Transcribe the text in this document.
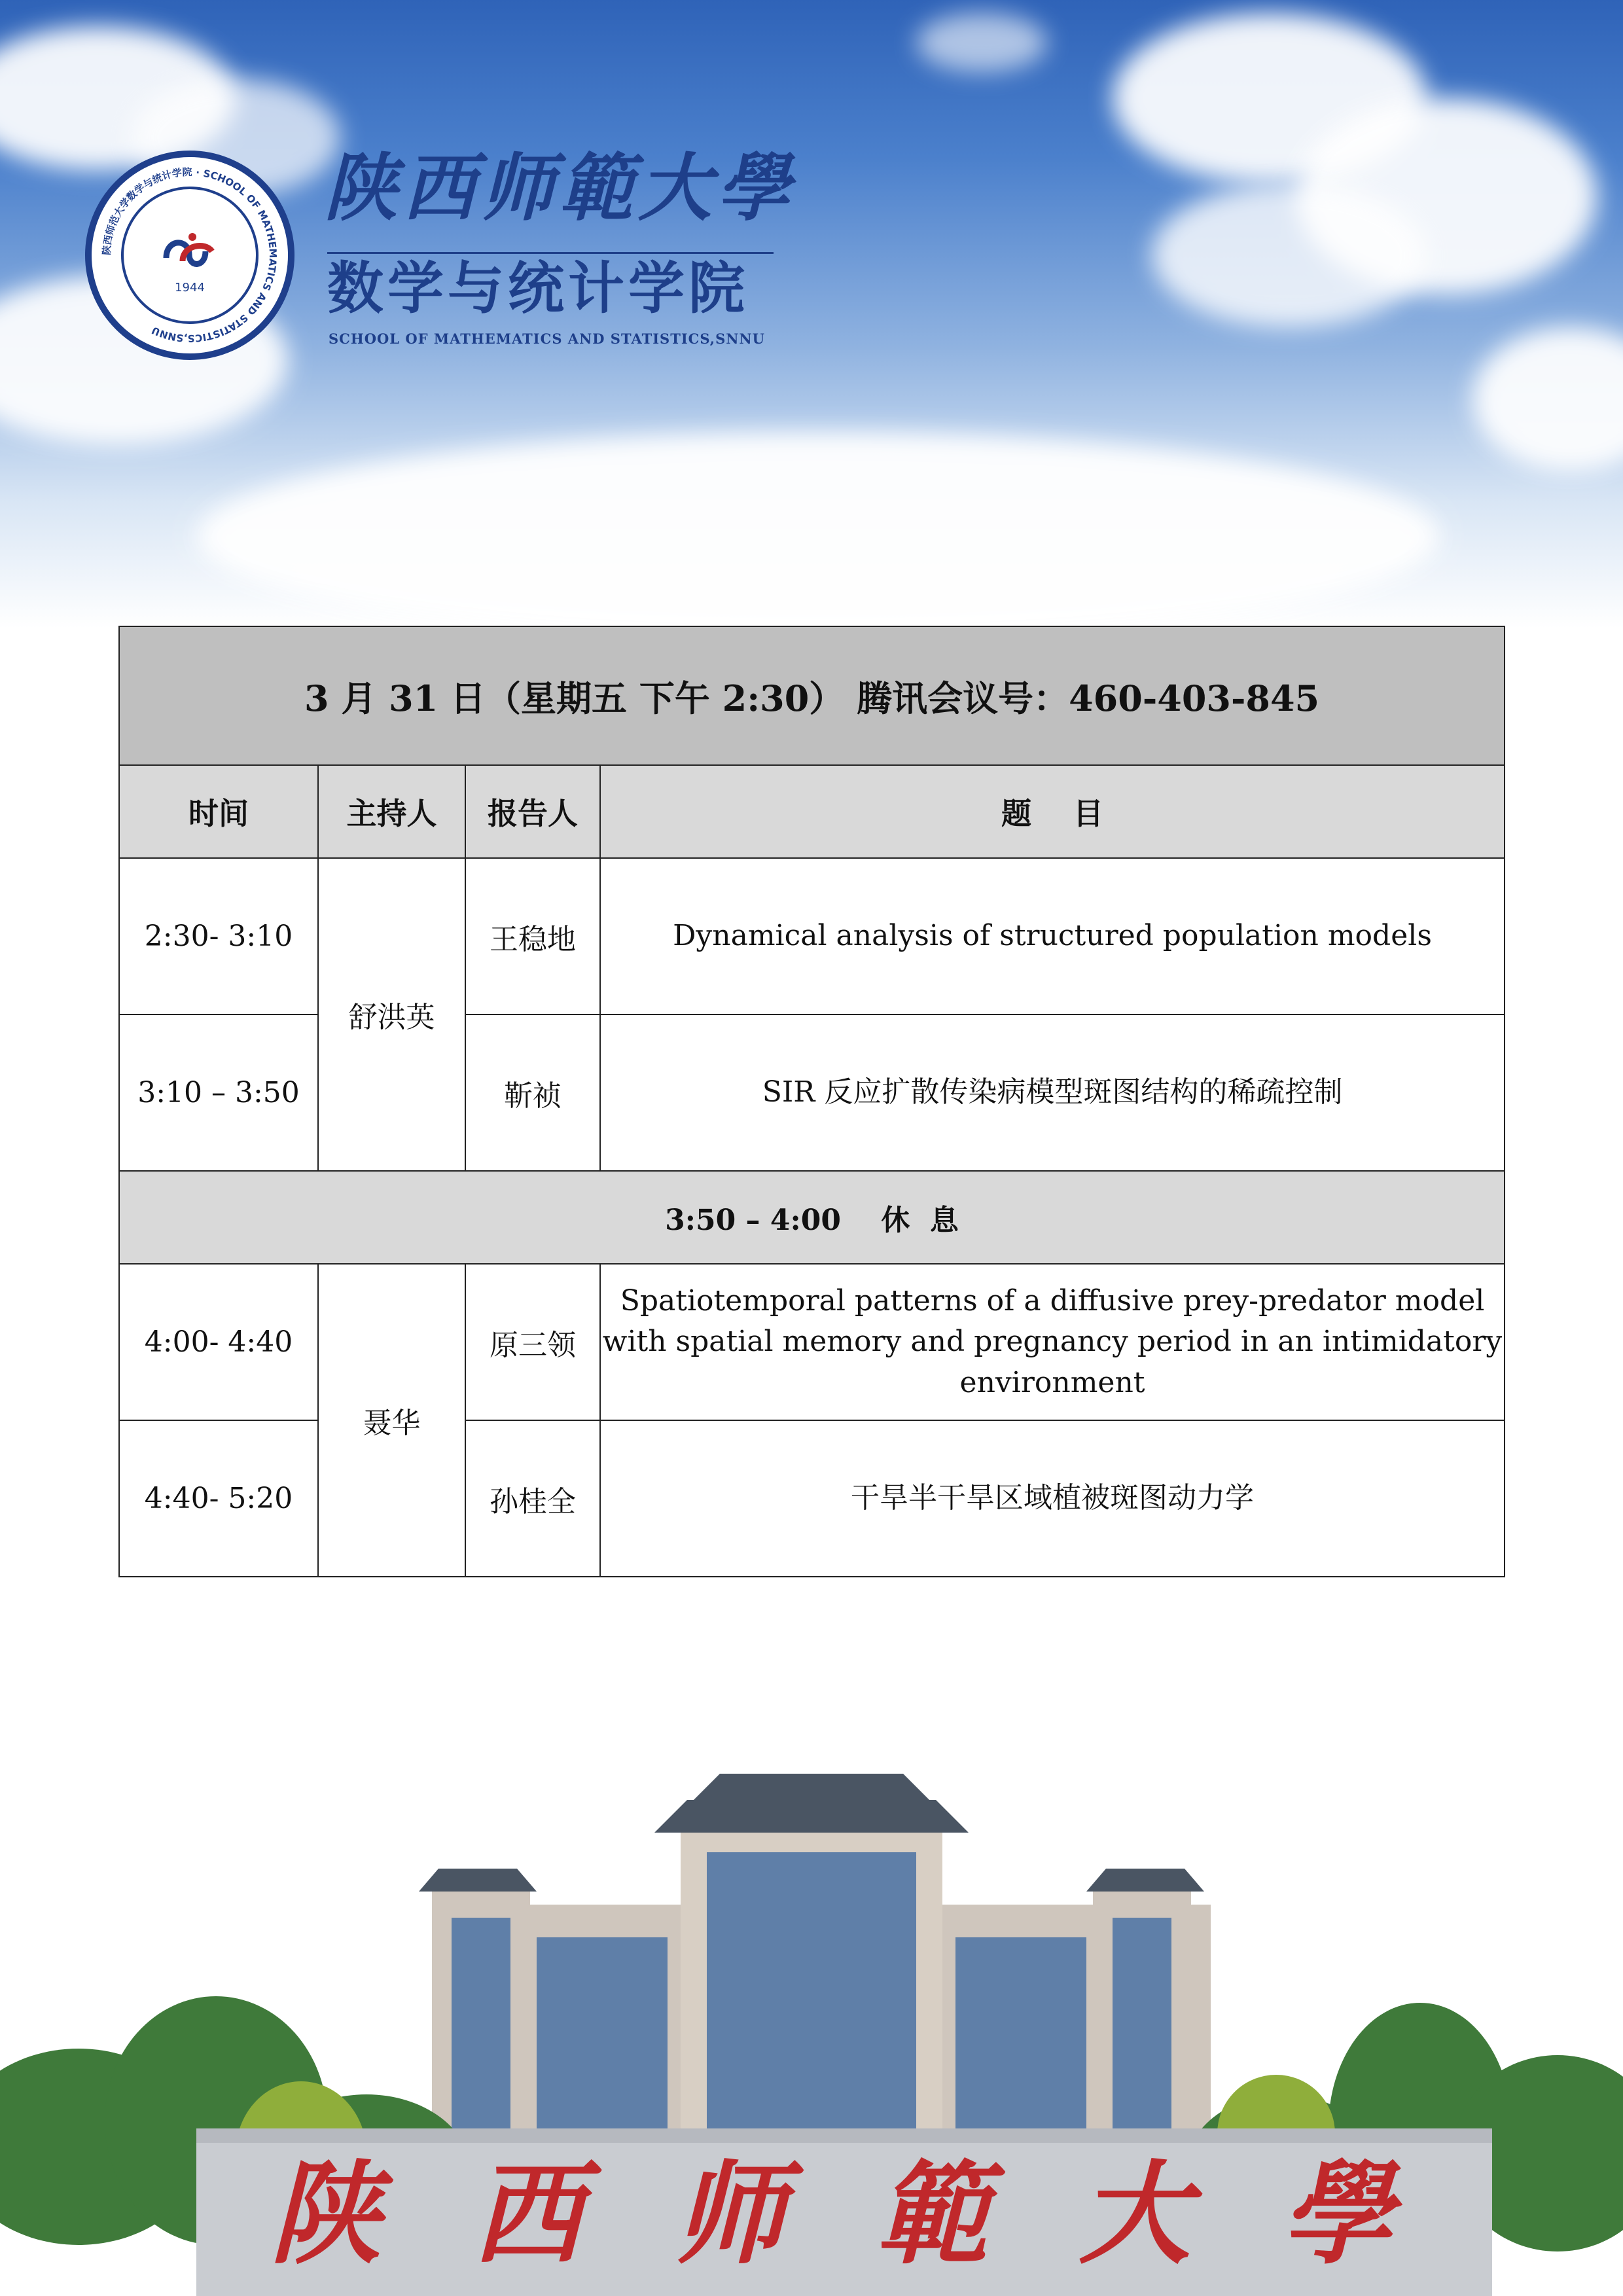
陕西师范大学数学与统计学院 · SCHOOL OF MATHEMATICS AND STATISTICS,SNNU
1944
陕西师範大學
数学与统计学院
SCHOOL OF MATHEMATICS AND STATISTICS,SNNU
3 月 31 日（星期五 下午 2:30） 腾讯会议号：460-403-845			
时间	主持人	报告人	题    目
2:30- 3:10	舒洪英	王稳地	Dynamical analysis of structured population models
3:10 – 3:50		靳祯	SIR 反应扩散传染病模型斑图结构的稀疏控制
3:50 – 4:00    休  息			
4:00- 4:40	聂华	原三领	Spatiotemporal patterns of a diffusive prey-predator model with spatial memory and pregnancy period in an intimidatory environment
4:40- 5:20		孙桂全	干旱半干旱区域植被斑图动力学
陕 西 师 範 大 學
